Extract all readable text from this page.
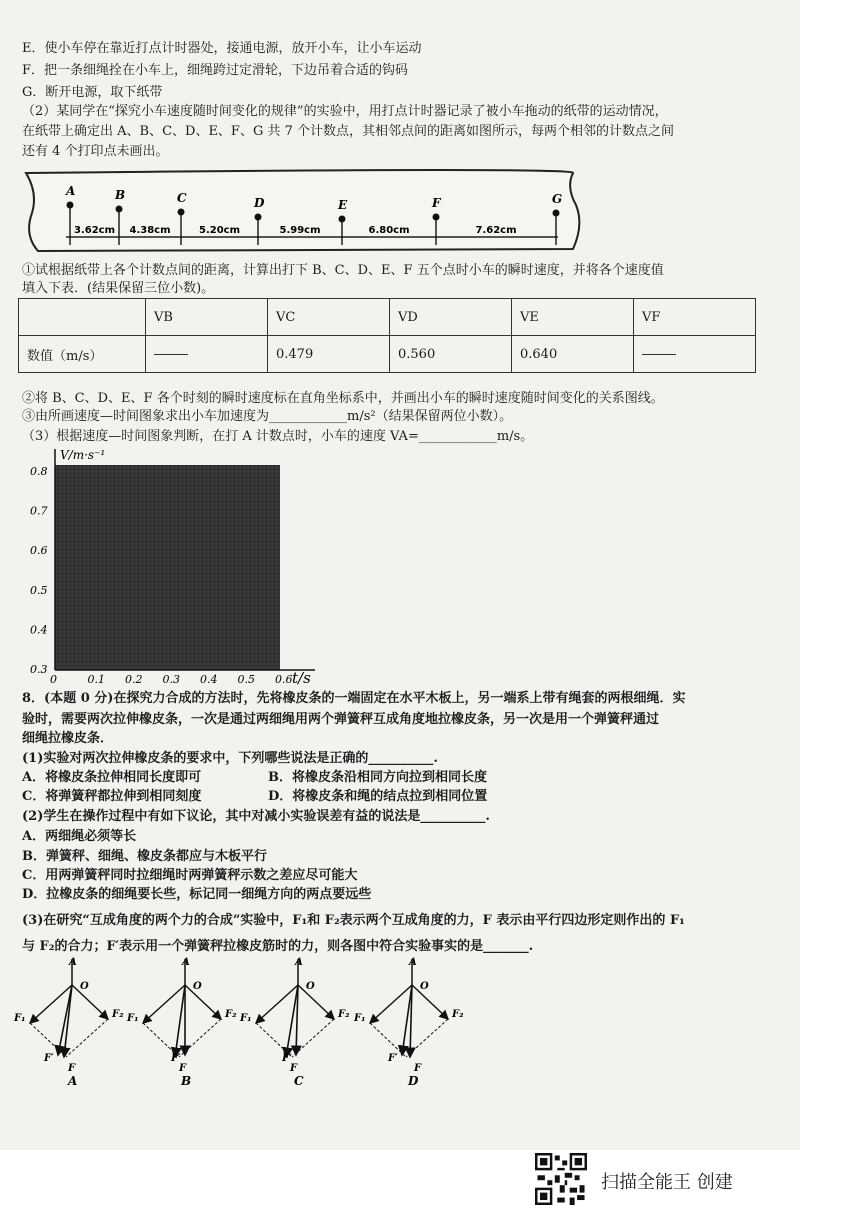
E．使小车停在靠近打点计时器处，接通电源，放开小车，让小车运动
F．把一条细绳拴在小车上，细绳跨过定滑轮，下边吊着合适的钩码
G．断开电源，取下纸带
（2）某同学在“探究小车速度随时间变化的规律”的实验中，用打点计时器记录了被小车拖动的纸带的运动情况，
在纸带上确定出 A、B、C、D、E、F、G 共 7 个计数点，其相邻点间的距离如图所示，每两个相邻的计数点之间
还有 4 个打印点未画出。
A	B	C	D	E	F	G
3.62cm 4.38cm	5.20cm	5.99cm	6.80cm	7.62cm
①试根据纸带上各个计数点间的距离，计算出打下 B、C、D、E、F 五个点时小车的瞬时速度，并将各个速度值
填入下表．(结果保留三位小数)。
	VB	VC	VD	VE	VF
数值（m/s）		0.479	0.560	0.640	
②将 B、C、D、E、F 各个时刻的瞬时速度标在直角坐标系中，并画出小车的瞬时速度随时间变化的关系图线。
③由所画速度—时间图象求出小车加速度为____________m/s²（结果保留两位小数）。
（3）根据速度—时间图象判断，在打 A 计数点时，小车的速度 VA=____________m/s。
V/m·s⁻¹
t/s
0.8
0.7
0.6
0.5
0.4
0.3
0	0.1 0.2 0.3 0.4 0.5 0.6
8．(本题 0 分)在探究力合成的方法时，先将橡皮条的一端固定在水平木板上，另一端系上带有绳套的两根细绳．实
验时，需要两次拉伸橡皮条，一次是通过两细绳用两个弹簧秤互成角度地拉橡皮条，另一次是用一个弹簧秤通过
细绳拉橡皮条．
(1)实验对两次拉伸橡皮条的要求中，下列哪些说法是正确的__________.
A．将橡皮条拉伸相同长度即可	B．将橡皮条沿相同方向拉到相同长度
C．将弹簧秤都拉伸到相同刻度	D．将橡皮条和绳的结点拉到相同位置
(2)学生在操作过程中有如下议论，其中对减小实验误差有益的说法是__________.
A．两细绳必须等长
B．弹簧秤、细绳、橡皮条都应与木板平行
C．用两弹簧秤同时拉细绳时两弹簧秤示数之差应尽可能大
D．拉橡皮条的细绳要长些，标记同一细绳方向的两点要远些
(3)在研究“互成角度的两个力的合成”实验中，F₁和 F₂表示两个互成角度的力，F 表示由平行四边形定则作出的 F₁
与 F₂的合力；F′表示用一个弹簧秤拉橡皮筋时的力，则各图中符合实验事实的是_______.
A
O
F₁	F₂
F′
F
A
A
O
F₁	F₂
F′
F
B
A
O
F₁	F₂
F′
F
C
A
O
F₁	F₂
F′
F
D
扫描全能王 创建
